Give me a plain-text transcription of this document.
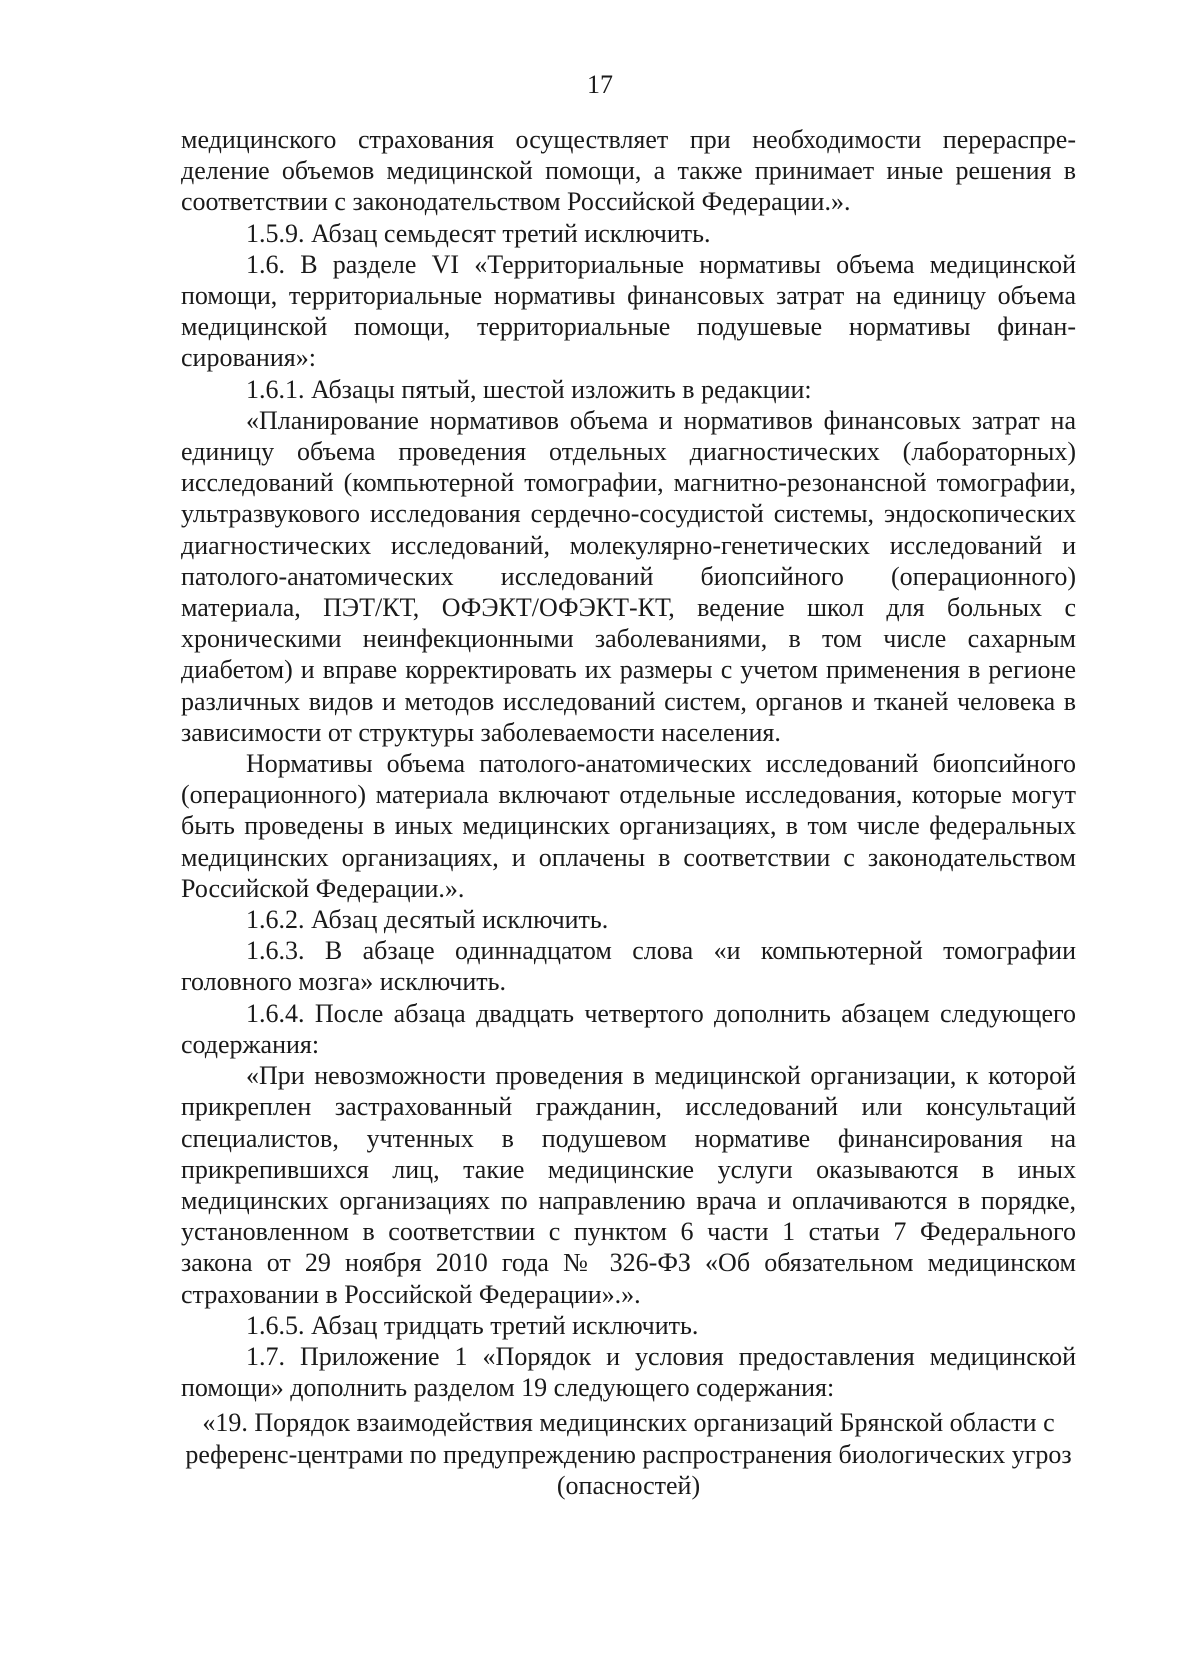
17

медицинского страхования осуществляет при необходимости перераспре-деление объемов медицинской помощи, а также принимает иные решения в соответствии с законодательством Российской Федерации.».

1.5.9. Абзац семьдесят третий исключить.

1.6. В разделе VI «Территориальные нормативы объема медицинской помощи, территориальные нормативы финансовых затрат на единицу объема медицинской помощи, территориальные подушевые нормативы финан-сирования»:

1.6.1. Абзацы пятый, шестой изложить в редакции:

«Планирование нормативов объема и нормативов финансовых затрат на единицу объема проведения отдельных диагностических (лабораторных) исследований (компьютерной томографии, магнитно-резонансной томографии, ультразвукового исследования сердечно-сосудистой системы, эндоскопических диагностических исследований, молекулярно-генетических исследований и патолого-анатомических исследований биопсийного (операционного) материала, ПЭТ/КТ, ОФЭКТ/ОФЭКТ-КТ, ведение школ для больных с хроническими неинфекционными заболеваниями, в том числе сахарным диабетом) и вправе корректировать их размеры с учетом применения в регионе различных видов и методов исследований систем, органов и тканей человека в зависимости от структуры заболеваемости населения.

Нормативы объема патолого-анатомических исследований биопсийного (операционного) материала включают отдельные исследования, которые могут быть проведены в иных медицинских организациях, в том числе федеральных медицинских организациях, и оплачены в соответствии с законодательством Российской Федерации.».

1.6.2. Абзац десятый исключить.

1.6.3. В абзаце одиннадцатом слова «и компьютерной томографии головного мозга» исключить.

1.6.4. После абзаца двадцать четвертого дополнить абзацем следующего содержания:

«При невозможности проведения в медицинской организации, к которой прикреплен застрахованный гражданин, исследований или консультаций специалистов, учтенных в подушевом нормативе финансирования на прикрепившихся лиц, такие медицинские услуги оказываются в иных медицинских организациях по направлению врача и оплачиваются в порядке, установленном в соответствии с пунктом 6 части 1 статьи 7 Федерального закона от 29 ноября 2010 года № 326-ФЗ «Об обязательном медицинском страховании в Российской Федерации».».

1.6.5. Абзац тридцать третий исключить.

1.7. Приложение 1 «Порядок и условия предоставления медицинской помощи» дополнить разделом 19 следующего содержания:

«19. Порядок взаимодействия медицинских организаций Брянской области с референс-центрами по предупреждению распространения биологических угроз (опасностей)
